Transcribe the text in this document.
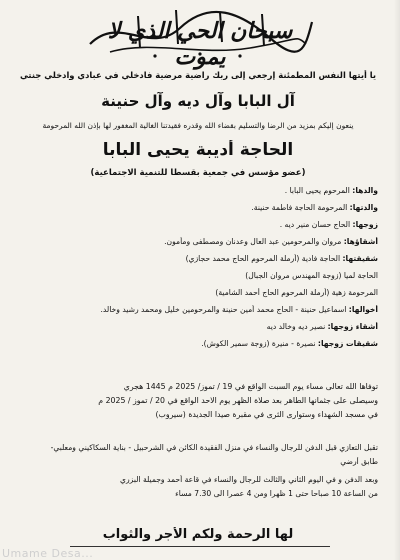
سبحان الحي الذي لا يموت
يا أيتها النفس المطمئنة إرجعي إلى ربك راضية مرضية فادخلي في عبادي وادخلي جنتي
آل البابا وآل ديه وآل حنينة
ينعون إليكم بمزيد من الرضا والتسليم بقضاء الله وقدره فقيدتنا الغالية المغفور لها بإذن الله المرحومة
الحاجة أديبة يحيى البابا
(عضو مؤسس في جمعية بقسطا للتنمية الاجتماعية)
والدها: المرحوم يحيى البابا .
والدتها: المرحومة الحاجة فاطمة حنينة.
زوجها: الحاج حسان منير ديه .
أشقاؤها: مروان والمرحومين عبد العال وعدنان ومصطفى ومأمون.
شقيقتها: الحاجة فادية (أرملة المرحوم الحاج محمد حجازي)
الحاجة لميا (زوجة المهندس مروان الجبال)
المرحومة زهية (أرملة المرحوم الحاج أحمد الشامية)
أخوالها: اسماعيل حنينة - الحاج محمد أمين حنينة والمرحومين خليل ومحمد رشيد وخالد.
أشقاء زوجها: نصير ديه وخالد ديه
شقيقات زوجها: نصيرة - منيرة (زوجة سمير الكوش).
توفاها الله تعالى مساء يوم السبت الواقع في 19 / تموز/ 2025 م 1445 هجري
وسيصلى على جثمانها الطاهر بعد صلاة الظهر يوم الاحد الواقع في 20 / تموز / 2025 م
في مسجد الشهداء وستوارى الثرى في مقبرة صيدا الجديدة (سيروب)
تقبل التعازي قبل الدفن للرجال والنساء في منزل الفقيدة الكائن في الشرحبيل - بناية السكاكيني ومعلبي-
طابق أرضي
وبعد الدفن و في اليوم الثاني والثالث للرجال والنساء في قاعة أحمد وجميلة البزري
من الساعة 10 صباحا حتى 1 ظهرا ومن 4 عصرا الى 7.30 مساء
لها الرحمة ولكم الأجر والثواب
Umame Desa...
